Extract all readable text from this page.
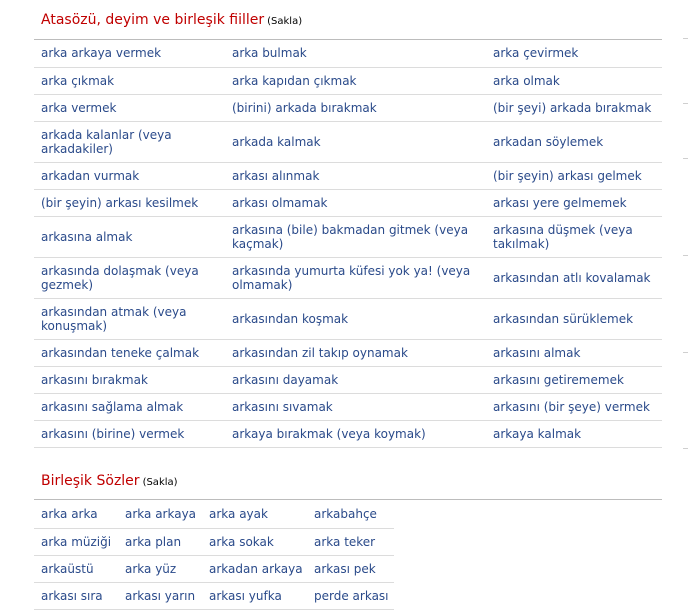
Atasözü, deyim ve birleşik fiiller (Sakla)
arka arkaya vermek	arka bulmak	arka çevirmek
arka çıkmak	arka kapıdan çıkmak	arka olmak
arka vermek	(birini) arkada bırakmak	(bir şeyi) arkada bırakmak
arkada kalanlar (veya arkadakiler)	arkada kalmak	arkadan söylemek
arkadan vurmak	arkası alınmak	(bir şeyin) arkası gelmek
(bir şeyin) arkası kesilmek	arkası olmamak	arkası yere gelmemek
arkasına almak	arkasına (bile) bakmadan gitmek (veya kaçmak)	arkasına düşmek (veya takılmak)
arkasında dolaşmak (veya gezmek)	arkasında yumurta küfesi yok ya! (veya olmamak)	arkasından atlı kovalamak
arkasından atmak (veya konuşmak)	arkasından koşmak	arkasından sürüklemek
arkasından teneke çalmak	arkasından zil takıp oynamak	arkasını almak
arkasını bırakmak	arkasını dayamak	arkasını getirememek
arkasını sağlama almak	arkasını sıvamak	arkasını (bir şeye) vermek
arkasını (birine) vermek	arkaya bırakmak (veya koymak)	arkaya kalmak
Birleşik Sözler (Sakla)
arka arka	arka arkaya	arka ayak	arkabahçe
arka müziği	arka plan	arka sokak	arka teker
arkaüstü	arka yüz	arkadan arkaya	arkası pek
arkası sıra	arkası yarın	arkası yufka	perde arkası
